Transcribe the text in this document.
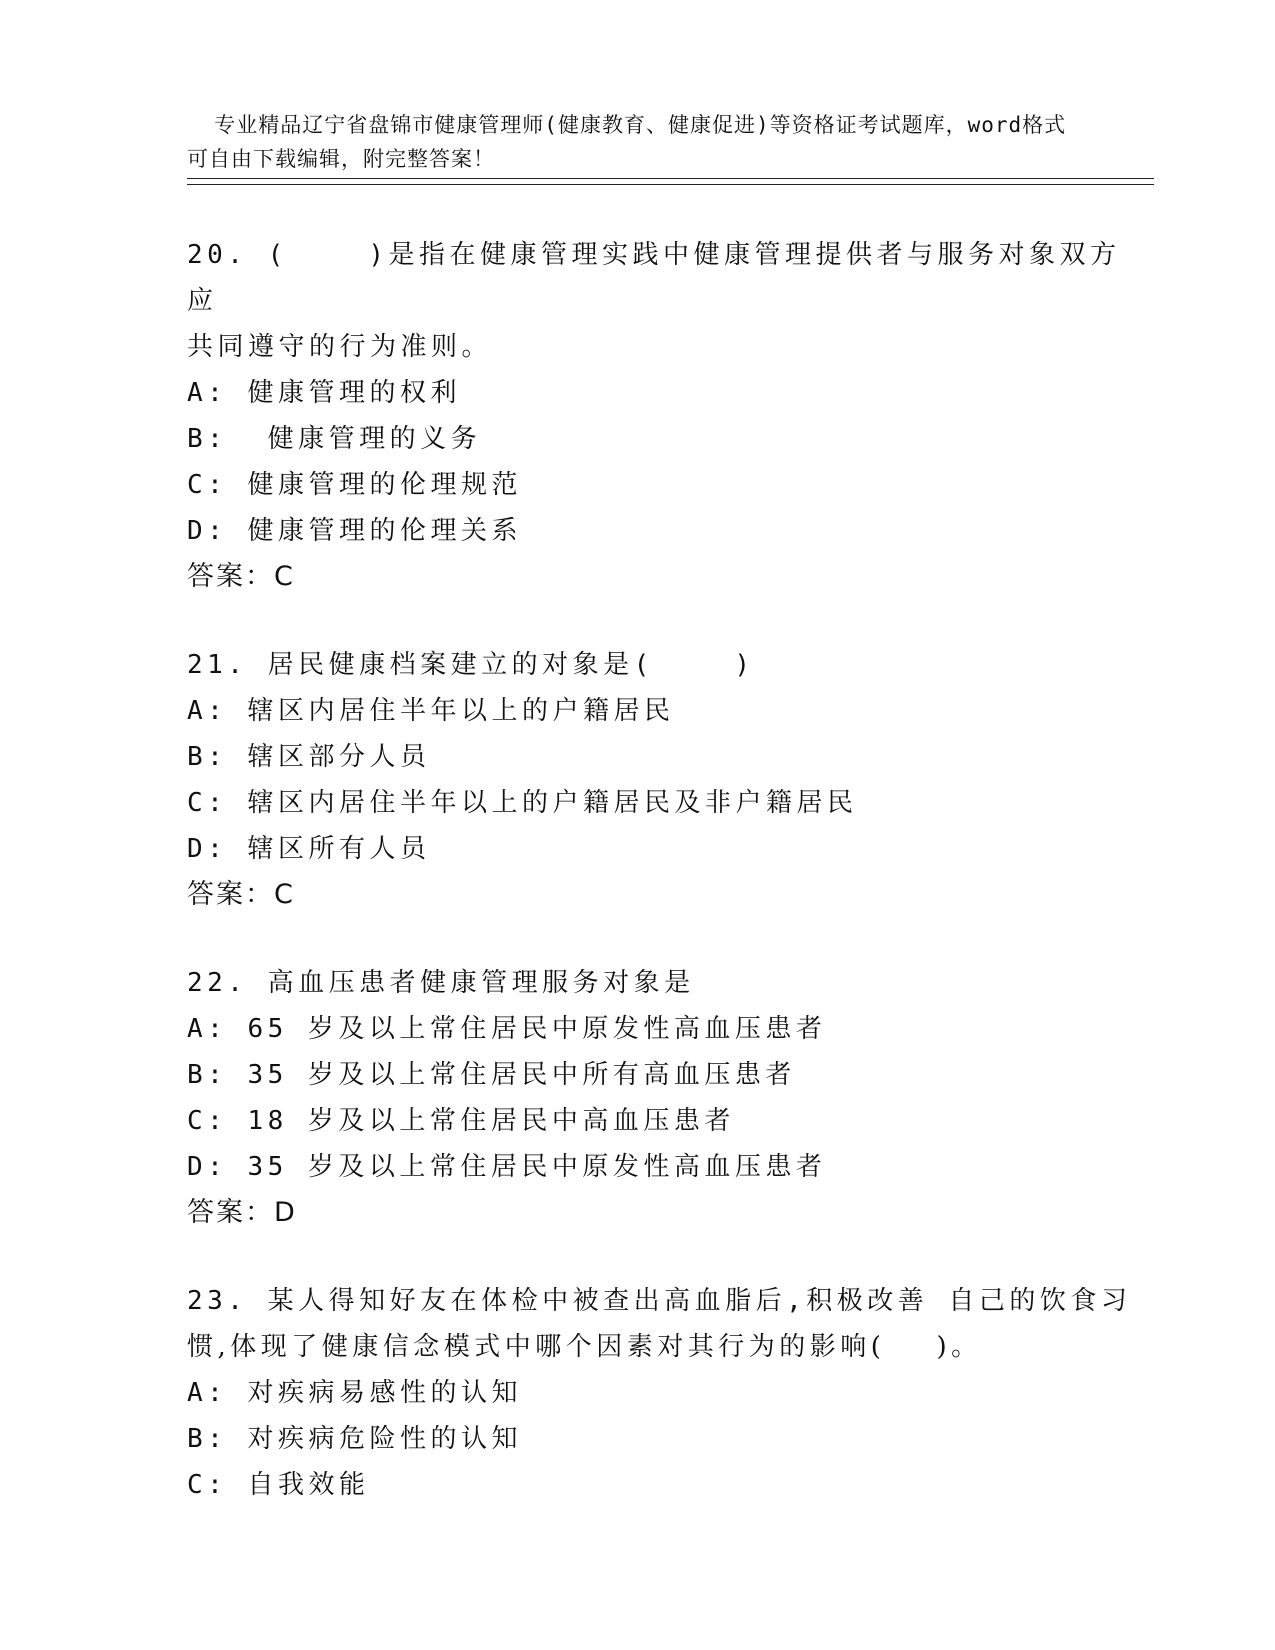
专业精品辽宁省盘锦市健康管理师(健康教育、健康促进)等资格证考试题库，word格式可自由下载编辑，附完整答案！

20. (    )是指在健康管理实践中健康管理提供者与服务对象双方应
共同遵守的行为准则。
A: 健康管理的权利
B:  健康管理的义务
C: 健康管理的伦理规范
D: 健康管理的伦理关系
答案：C
21. 居民健康档案建立的对象是(    )
A: 辖区内居住半年以上的户籍居民
B: 辖区部分人员
C: 辖区内居住半年以上的户籍居民及非户籍居民
D: 辖区所有人员
答案：C
22. 高血压患者健康管理服务对象是
A: 65 岁及以上常住居民中原发性高血压患者
B: 35 岁及以上常住居民中所有高血压患者
C: 18 岁及以上常住居民中高血压患者
D: 35 岁及以上常住居民中原发性高血压患者
答案：D
23. 某人得知好友在体检中被查出高血脂后,积极改善 自己的饮食习
惯,体现了健康信念模式中哪个因素对其行为的影响(    )。
A: 对疾病易感性的认知
B: 对疾病危险性的认知
C: 自我效能
